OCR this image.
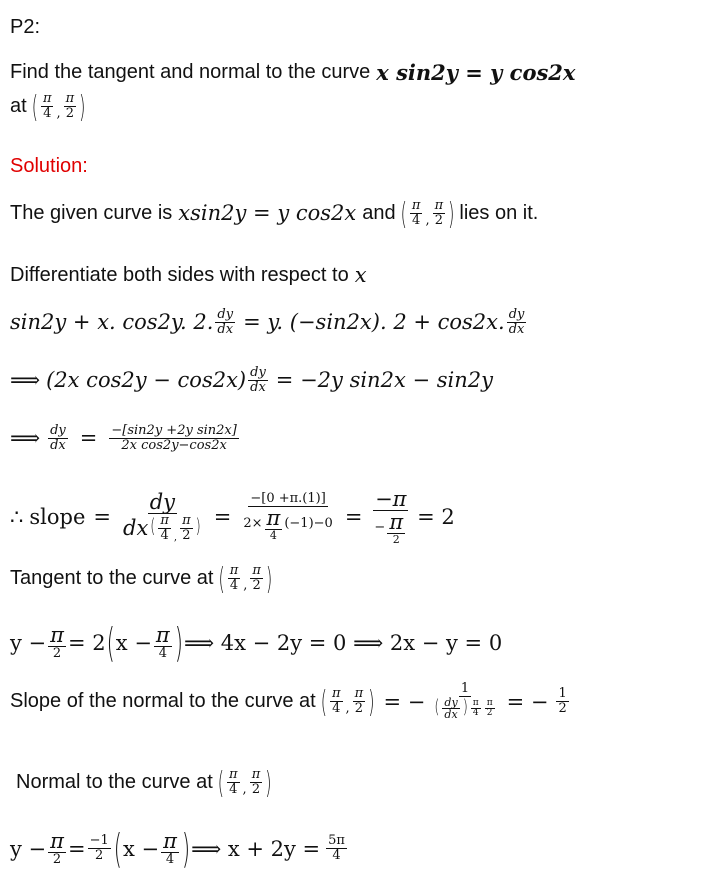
P2:
Find the tangent and normal to the curve x sin2y = y cos2x
at ( $\frac{\pi}{4}$ , $\frac{\pi}{2}$ )
Solution:
The given curve is xsin2y = y cos2x and ( $\frac{\pi}{4}$ , $\frac{\pi}{2}$ ) lies on it.
Differentiate both sides with respect to x
sin2y + x. cos2y. 2. $\frac{dy}{dx} = y$. (−sin2x). 2 + cos2x. $\frac{dy}{dx}$
⟹ (2x $\cos 2y - \cos 2x) \frac{dy}{dx} = -2y$ sin2x − sin2y
⟹ $\frac{dy}{dx} = \frac{\text{−[sin2y +2y sin2x]}}{\text{2x cos2y−cos2x}}$
∴ slope =
dy
dx ( $\frac{\pi}{4}$ , $\frac{\pi}{2}$ ) = $\frac{-[0 +\pi.(1)]}{2\times \frac{\pi}{4} (-1)-0} = \frac{-\pi}{- \frac{\pi}{2}} = 2$
Tangent to the curve at ( $\frac{\pi}{4}$ , $\frac{\pi}{2}$ )
$y - \frac{\pi}{2} = 2$ ( $x - \frac{\pi}{4}$ ) ⟹ 4x − 2y = 0 ⟹ 2x − y = 0
Slope of the normal to the curve at ( $\frac{\pi}{4}$ , $\frac{\pi}{2}$ ) = − $\frac{1}{( \frac{dy}{dx} ) \frac{\pi}{4} \frac{\pi}{2}}$ = − $\frac{1}{2}$
Normal to the curve at ( $\frac{\pi}{4}$ , $\frac{\pi}{2}$ )
$y - \frac{\pi}{2} = \frac{-1}{2}$ ( $x - \frac{\pi}{4}$ ) ⟹ $x + 2y = \frac{5\pi}{4}$
